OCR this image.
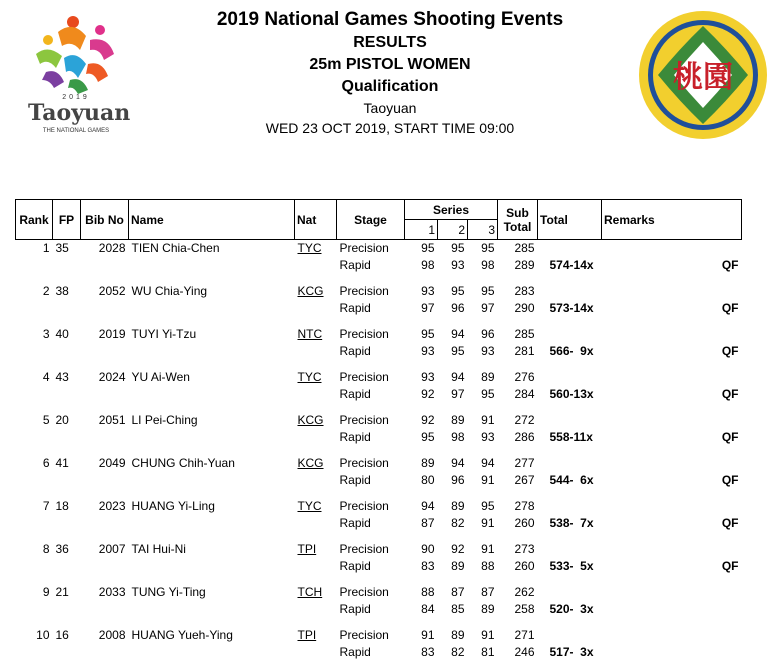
2019
Taoyuan
THE NATIONAL GAMES
桃園
2019 National Games Shooting Events
RESULTS
25m PISTOL WOMEN
Qualification
Taoyuan
WED 23 OCT 2019, START TIME 09:00
Rank	FP	Bib No	Name	Nat	Stage	Series			Sub
Total	Total	Remarks
						1	2	3			
1	35	2028	TIEN Chia-Chen	TYC	Precision	95	95	95	285		
					Rapid	98	93	98	289	574-14x	QF

2	38	2052	WU Chia-Ying	KCG	Precision	93	95	95	283		
					Rapid	97	96	97	290	573-14x	QF

3	40	2019	TUYI Yi-Tzu	NTC	Precision	95	94	96	285		
					Rapid	93	95	93	281	566-  9x	QF

4	43	2024	YU Ai-Wen	TYC	Precision	93	94	89	276		
					Rapid	92	97	95	284	560-13x	QF

5	20	2051	LI Pei-Ching	KCG	Precision	92	89	91	272		
					Rapid	95	98	93	286	558-11x	QF

6	41	2049	CHUNG Chih-Yuan	KCG	Precision	89	94	94	277		
					Rapid	80	96	91	267	544-  6x	QF

7	18	2023	HUANG Yi-Ling	TYC	Precision	94	89	95	278		
					Rapid	87	82	91	260	538-  7x	QF

8	36	2007	TAI Hui-Ni	TPI	Precision	90	92	91	273		
					Rapid	83	89	88	260	533-  5x	QF

9	21	2033	TUNG Yi-Ting	TCH	Precision	88	87	87	262		
					Rapid	84	85	89	258	520-  3x	

10	16	2008	HUANG Yueh-Ying	TPI	Precision	91	89	91	271		
					Rapid	83	82	81	246	517-  3x	
